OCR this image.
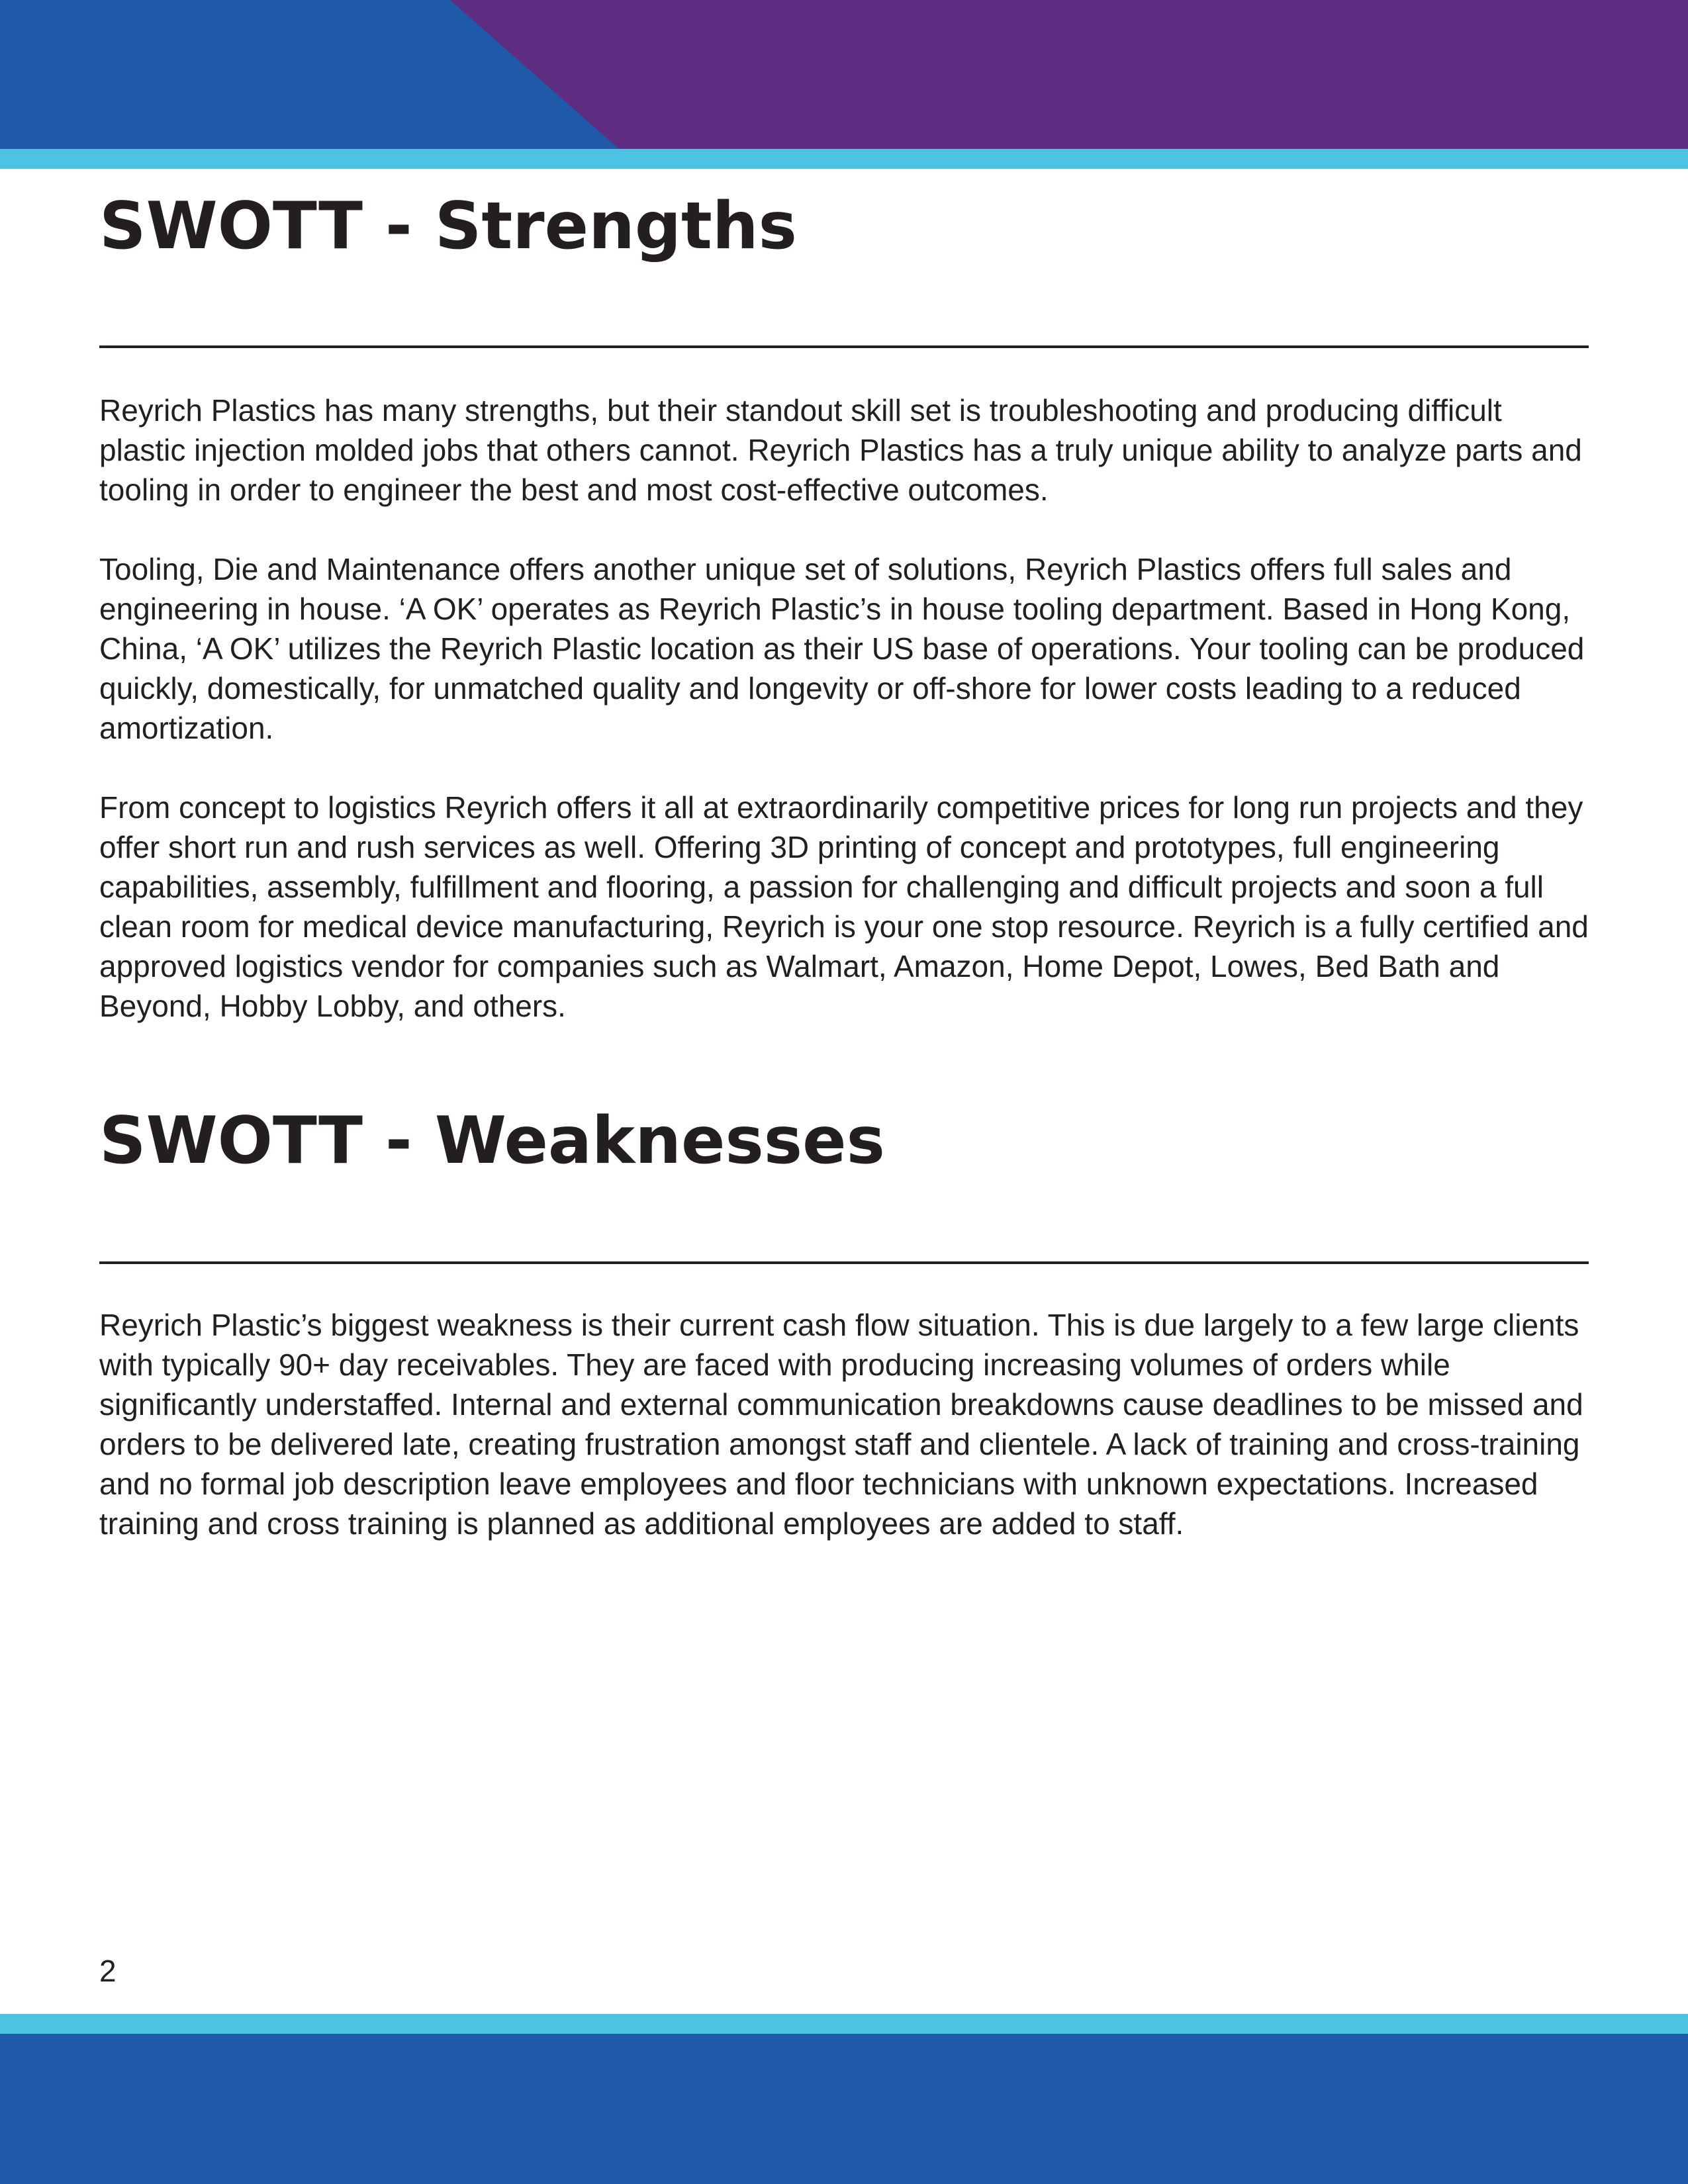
SWOTT - Strengths

Reyrich Plastics has many strengths, but their standout skill set is troubleshooting and producing difficult plastic injection molded jobs that others cannot. Reyrich Plastics has a truly unique ability to analyze parts and tooling in order to engineer the best and most cost-effective outcomes.

Tooling, Die and Maintenance offers another unique set of solutions, Reyrich Plastics offers full sales and engineering in house. ‘A OK’ operates as Reyrich Plastic’s in house tooling department. Based in Hong Kong, China, ‘A OK’ utilizes the Reyrich Plastic location as their US base of operations. Your tooling can be produced quickly, domestically, for unmatched quality and longevity or off-shore for lower costs leading to a reduced amortization.

From concept to logistics Reyrich offers it all at extraordinarily competitive prices for long run projects and they offer short run and rush services as well. Offering 3D printing of concept and prototypes, full engineering capabilities, assembly, fulfillment and flooring, a passion for challenging and difficult projects and soon a full clean room for medical device manufacturing, Reyrich is your one stop resource. Reyrich is a fully certified and approved logistics vendor for companies such as Walmart, Amazon, Home Depot, Lowes, Bed Bath and Beyond, Hobby Lobby, and others.

SWOTT - Weaknesses

Reyrich Plastic’s biggest weakness is their current cash flow situation. This is due largely to a few large clients with typically 90+ day receivables. They are faced with producing increasing volumes of orders while significantly understaffed. Internal and external communication breakdowns cause deadlines to be missed and orders to be delivered late, creating frustration amongst staff and clientele. A lack of training and cross-training and no formal job description leave employees and floor technicians with unknown expectations. Increased training and cross training is planned as additional employees are added to staff.

2
